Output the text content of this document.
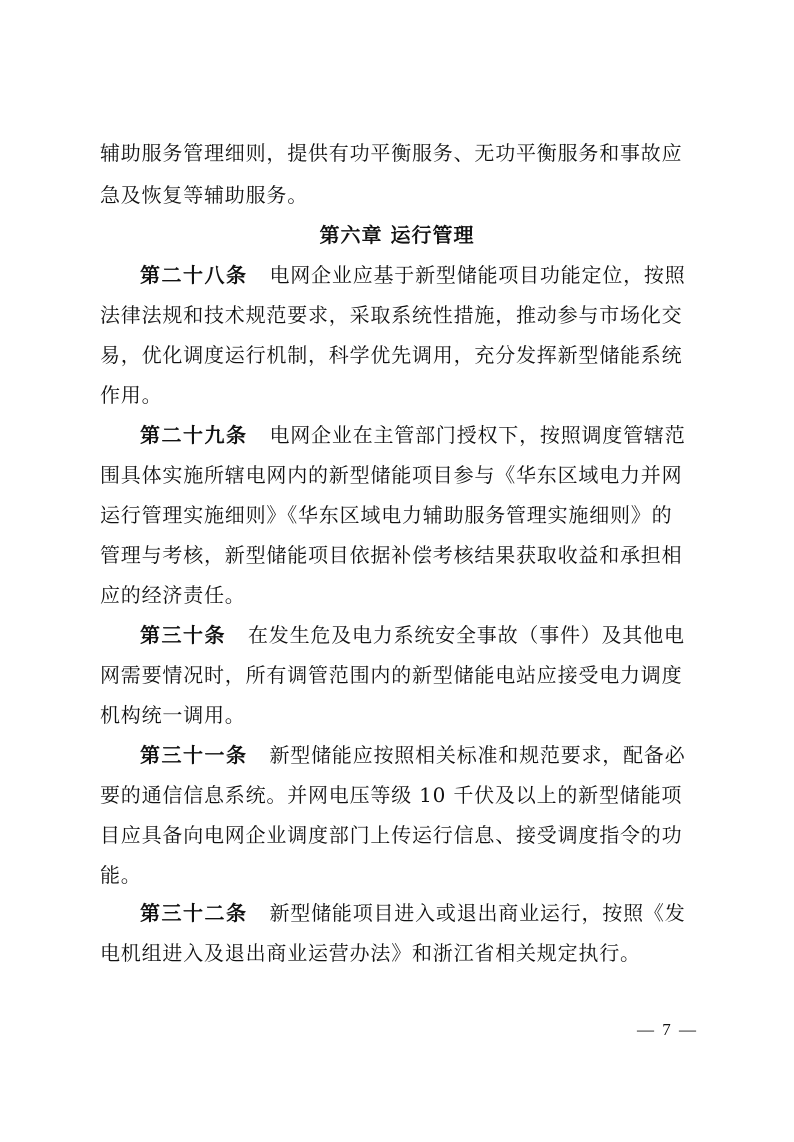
辅助服务管理细则，提供有功平衡服务、无功平衡服务和事故应
急及恢复等辅助服务。
第六章 运行管理
第二十八条 电网企业应基于新型储能项目功能定位，按照
法律法规和技术规范要求，采取系统性措施，推动参与市场化交
易，优化调度运行机制，科学优先调用，充分发挥新型储能系统
作用。
第二十九条 电网企业在主管部门授权下，按照调度管辖范
围具体实施所辖电网内的新型储能项目参与《华东区域电力并网
运行管理实施细则》《华东区域电力辅助服务管理实施细则》的
管理与考核，新型储能项目依据补偿考核结果获取收益和承担相
应的经济责任。
第三十条 在发生危及电力系统安全事故（事件）及其他电
网需要情况时，所有调管范围内的新型储能电站应接受电力调度
机构统一调用。
第三十一条 新型储能应按照相关标准和规范要求，配备必
要的通信信息系统。并网电压等级 10 千伏及以上的新型储能项
目应具备向电网企业调度部门上传运行信息、接受调度指令的功
能。
第三十二条 新型储能项目进入或退出商业运行，按照《发
电机组进入及退出商业运营办法》和浙江省相关规定执行。
— 7 —
